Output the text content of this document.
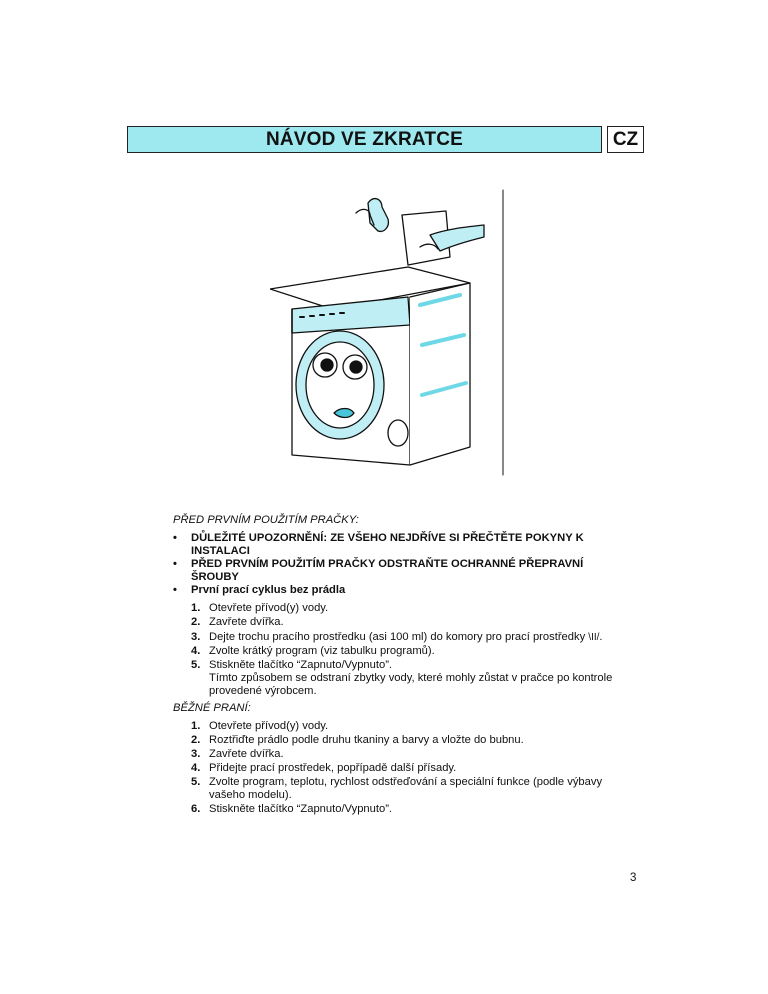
NÁVOD VE ZKRATCE	CZ
PŘED PRVNÍM POUŽITÍM PRAČKY:
• DŮLEŽITÉ UPOZORNĚNÍ: ZE VŠEHO NEJDŘÍVE SI PŘEČTĚTE POKYNY K
INSTALACI
• PŘED PRVNÍM POUŽITÍM PRAČKY ODSTRAŇTE OCHRANNÉ PŘEPRAVNÍ
ŠROUBY
• První prací cyklus bez prádla
1. Otevřete přívod(y) vody.
2. Zavřete dvířka.
3. Dejte trochu pracího prostředku (asi 100 ml) do komory pro prací prostředky \II/.
4. Zvolte krátký program (viz tabulku programů).
5. Stiskněte tlačítko “Zapnuto/Vypnuto”.
Tímto způsobem se odstraní zbytky vody, které mohly zůstat v pračce po kontrole
provedené výrobcem.
BĚŽNÉ PRANÍ:
1. Otevřete přívod(y) vody.
2. Roztřiďte prádlo podle druhu tkaniny a barvy a vložte do bubnu.
3. Zavřete dvířka.
4. Přidejte prací prostředek, popřípadě další přísady.
5. Zvolte program, teplotu, rychlost odstřeďování a speciální funkce (podle výbavy
vašeho modelu).
6. Stiskněte tlačítko “Zapnuto/Vypnuto”.
3
